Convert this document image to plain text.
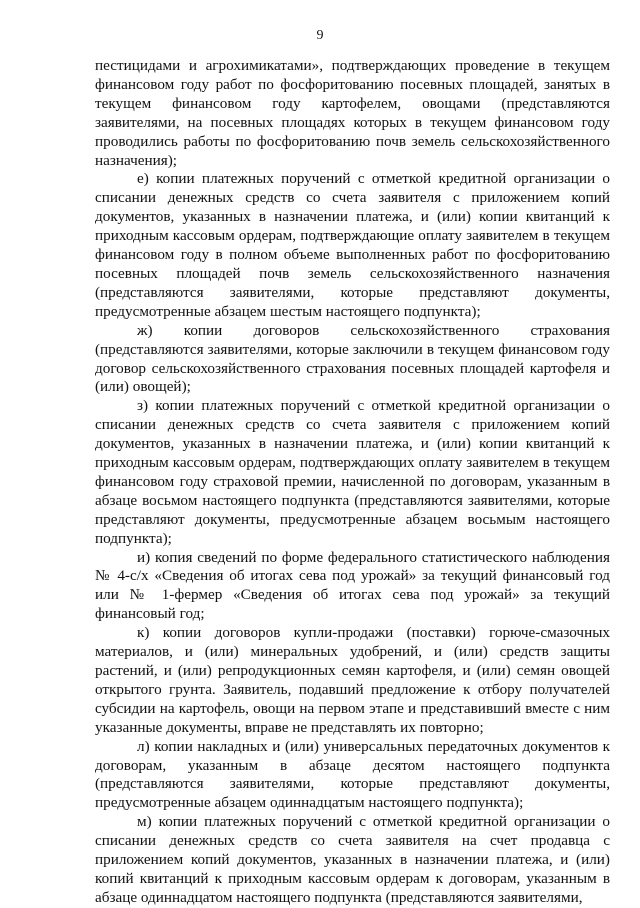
9

пестицидами и агрохимикатами», подтверждающих проведение в текущем финансовом году работ по фосфоритованию посевных площадей, занятых в текущем финансовом году картофелем, овощами (представляются заявителями, на посевных площадях которых в текущем финансовом году проводились работы по фосфоритованию почв земель сельскохозяйственного назначения);

е) копии платежных поручений с отметкой кредитной организации о списании денежных средств со счета заявителя с приложением копий документов, указанных в назначении платежа, и (или) копии квитанций к приходным кассовым ордерам, подтверждающие оплату заявителем в текущем финансовом году в полном объеме выполненных работ по фосфоритованию посевных площадей почв земель сельскохозяйственного назначения (представляются заявителями, которые представляют документы, предусмотренные абзацем шестым настоящего подпункта);

ж) копии договоров сельскохозяйственного страхования (представляются заявителями, которые заключили в текущем финансовом году договор сельскохозяйственного страхования посевных площадей картофеля и (или) овощей);

з) копии платежных поручений с отметкой кредитной организации о списании денежных средств со счета заявителя с приложением копий документов, указанных в назначении платежа, и (или) копии квитанций к приходным кассовым ордерам, подтверждающих оплату заявителем в текущем финансовом году страховой премии, начисленной по договорам, указанным в абзаце восьмом настоящего подпункта (представляются заявителями, которые представляют документы, предусмотренные абзацем восьмым настоящего подпункта);

и) копия сведений по форме федерального статистического наблюдения № 4-с/х «Сведения об итогах сева под урожай» за текущий финансовый год или № 1-фермер «Сведения об итогах сева под урожай» за текущий финансовый год;

к) копии договоров купли-продажи (поставки) горюче-смазочных материалов, и (или) минеральных удобрений, и (или) средств защиты растений, и (или) репродукционных семян картофеля, и (или) семян овощей открытого грунта. Заявитель, подавший предложение к отбору получателей субсидии на картофель, овощи на первом этапе и представивший вместе с ним указанные документы, вправе не представлять их повторно;

л) копии накладных и (или) универсальных передаточных документов к договорам, указанным в абзаце десятом настоящего подпункта (представляются заявителями, которые представляют документы, предусмотренные абзацем одиннадцатым настоящего подпункта);

м) копии платежных поручений с отметкой кредитной организации о списании денежных средств со счета заявителя на счет продавца с приложением копий документов, указанных в назначении платежа, и (или) копий квитанций к приходным кассовым ордерам к договорам, указанным в абзаце одиннадцатом настоящего подпункта (представляются заявителями,
